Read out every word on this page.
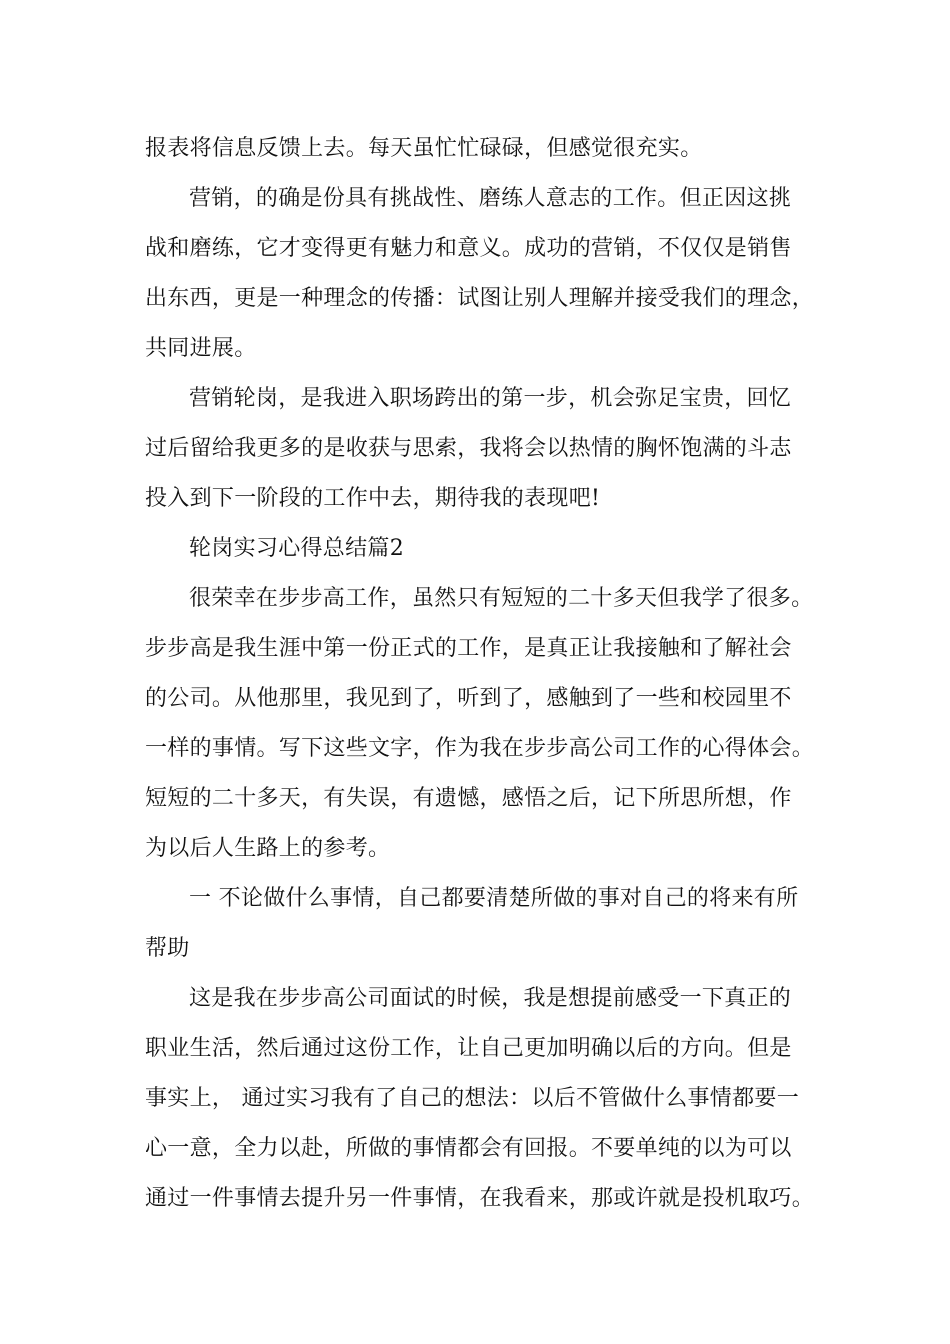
报表将信息反馈上去。每天虽忙忙碌碌，但感觉很充实。
营销，的确是份具有挑战性、磨练人意志的工作。但正因这挑
战和磨练，它才变得更有魅力和意义。成功的营销，不仅仅是销售
出东西，更是一种理念的传播：试图让别人理解并接受我们的理念，
共同进展。
营销轮岗，是我进入职场跨出的第一步，机会弥足宝贵，回忆
过后留给我更多的是收获与思索，我将会以热情的胸怀饱满的斗志
投入到下一阶段的工作中去，期待我的表现吧!
轮岗实习心得总结篇2
很荣幸在步步高工作，虽然只有短短的二十多天但我学了很多。
步步高是我生涯中第一份正式的工作，是真正让我接触和了解社会
的公司。从他那里，我见到了，听到了，感触到了一些和校园里不
一样的事情。写下这些文字，作为我在步步高公司工作的心得体会。
短短的二十多天，有失误，有遗憾，感悟之后，记下所思所想，作
为以后人生路上的参考。
一 不论做什么事情，自己都要清楚所做的事对自己的将来有所
帮助
这是我在步步高公司面试的时候，我是想提前感受一下真正的
职业生活，然后通过这份工作，让自己更加明确以后的方向。但是
事实上， 通过实习我有了自己的想法：以后不管做什么事情都要一
心一意，全力以赴，所做的事情都会有回报。不要单纯的以为可以
通过一件事情去提升另一件事情，在我看来，那或许就是投机取巧。
